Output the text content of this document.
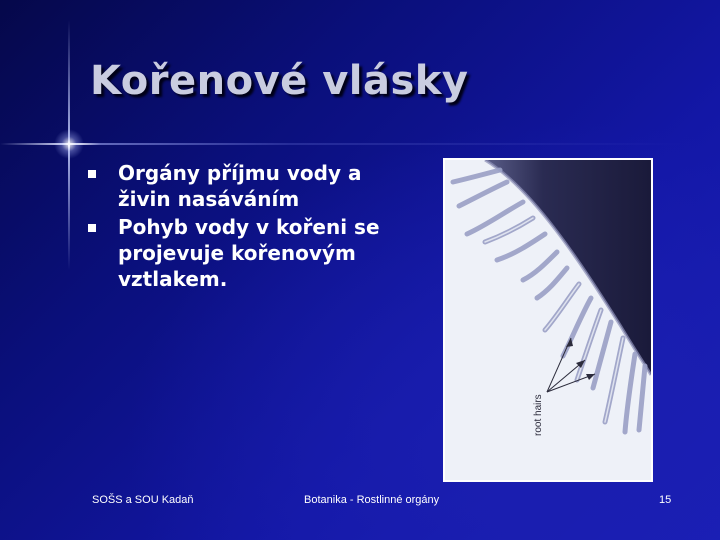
Kořenové vlásky
Orgány příjmu vody a živin nasáváním
Pohyb vody v kořeni se projevuje kořenovým vztlakem.
root hairs
SOŠS a SOU Kadaň	Botanika - Rostlinné orgány	15
